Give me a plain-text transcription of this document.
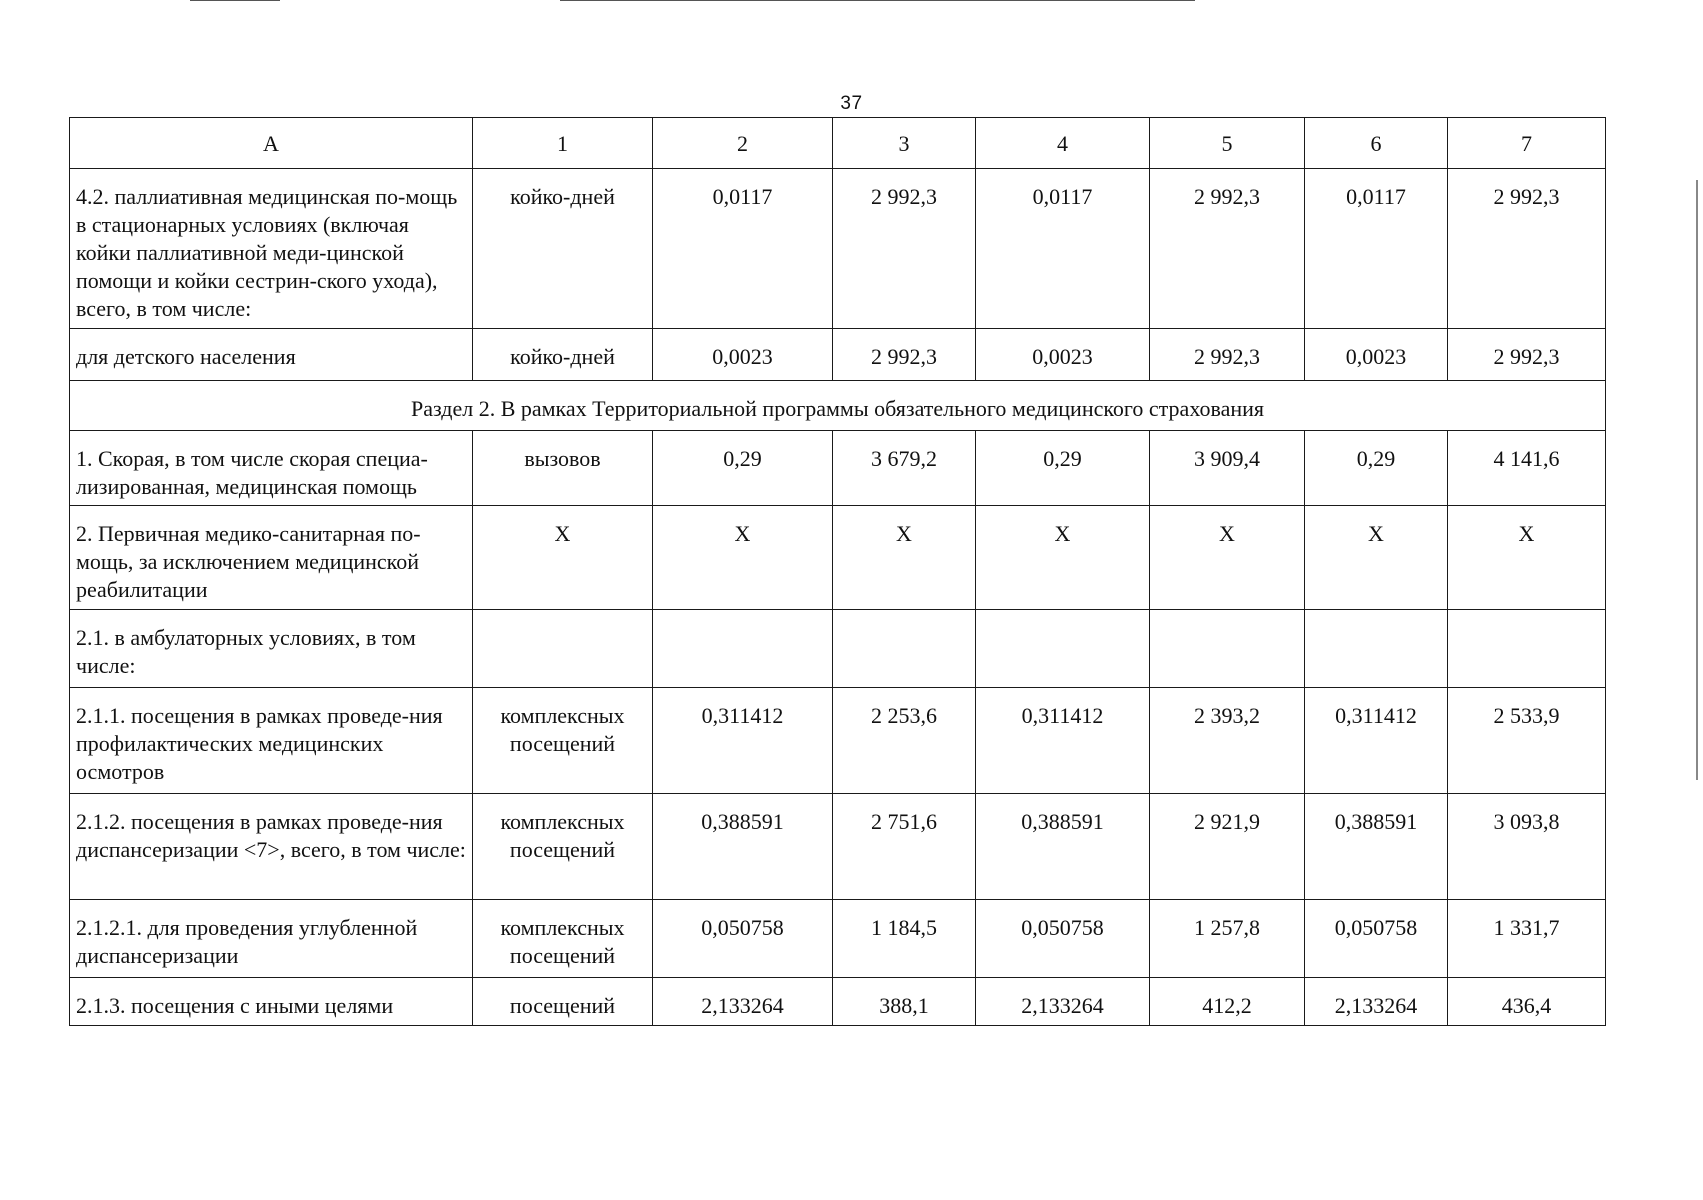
37
A	1	2	3	4	5	6	7
4.2. паллиативная медицинская по-мощь в стационарных условиях (включая койки паллиативной меди-цинской помощи и койки сестрин-ского ухода), всего, в том числе:	койко-дней	0,0117	2 992,3	0,0117	2 992,3	0,0117	2 992,3
для детского населения	койко-дней	0,0023	2 992,3	0,0023	2 992,3	0,0023	2 992,3
Раздел 2. В рамках Территориальной программы обязательного медицинского страхования							
1. Скорая, в том числе скорая специа-лизированная, медицинская помощь	вызовов	0,29	3 679,2	0,29	3 909,4	0,29	4 141,6
2. Первичная медико-санитарная по-мощь, за исключением медицинской реабилитации	X	X	X	X	X	X	X
2.1. в амбулаторных условиях, в том числе:							
2.1.1. посещения в рамках проведе-ния профилактических медицинских осмотров	комплексных посещений	0,311412	2 253,6	0,311412	2 393,2	0,311412	2 533,9
2.1.2. посещения в рамках проведе-ния диспансеризации <7>, всего, в том числе:	комплексных посещений	0,388591	2 751,6	0,388591	2 921,9	0,388591	3 093,8
2.1.2.1. для проведения углубленной диспансеризации	комплексных посещений	0,050758	1 184,5	0,050758	1 257,8	0,050758	1 331,7
2.1.3. посещения с иными целями	посещений	2,133264	388,1	2,133264	412,2	2,133264	436,4
